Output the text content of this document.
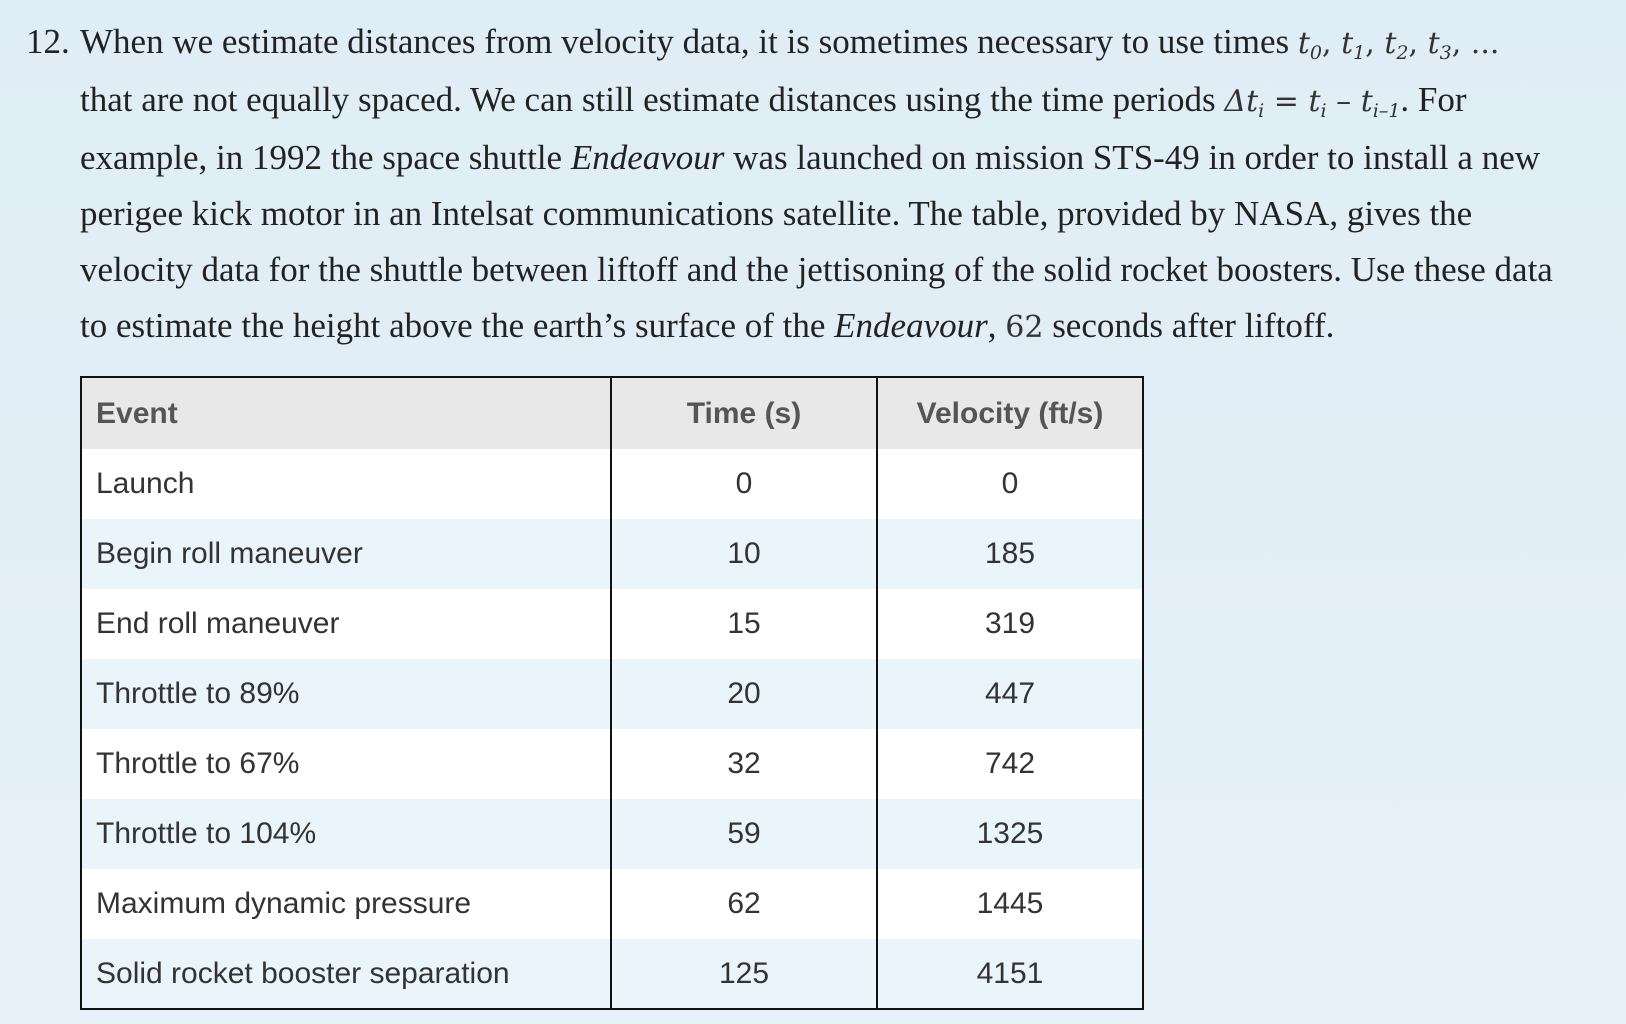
12. When we estimate distances from velocity data, it is sometimes necessary to use times $t_0$, $t_1$, $t_2$, $t_3$, ...

that are not equally spaced. We can still estimate distances using the time periods $\Delta t_i = t_i - t_{i-1}$. For

example, in 1992 the space shuttle Endeavour was launched on mission STS-49 in order to install a new

perigee kick motor in an Intelsat communications satellite. The table, provided by NASA, gives the

velocity data for the shuttle between liftoff and the jettisoning of the solid rocket boosters. Use these data

to estimate the height above the earth’s surface of the Endeavour, 62 seconds after liftoff.

Event	Time (s)	Velocity (ft/s)
Launch	0	0
Begin roll maneuver	10	185
End roll maneuver	15	319
Throttle to 89%	20	447
Throttle to 67%	32	742
Throttle to 104%	59	1325
Maximum dynamic pressure	62	1445
Solid rocket booster separation	125	4151
